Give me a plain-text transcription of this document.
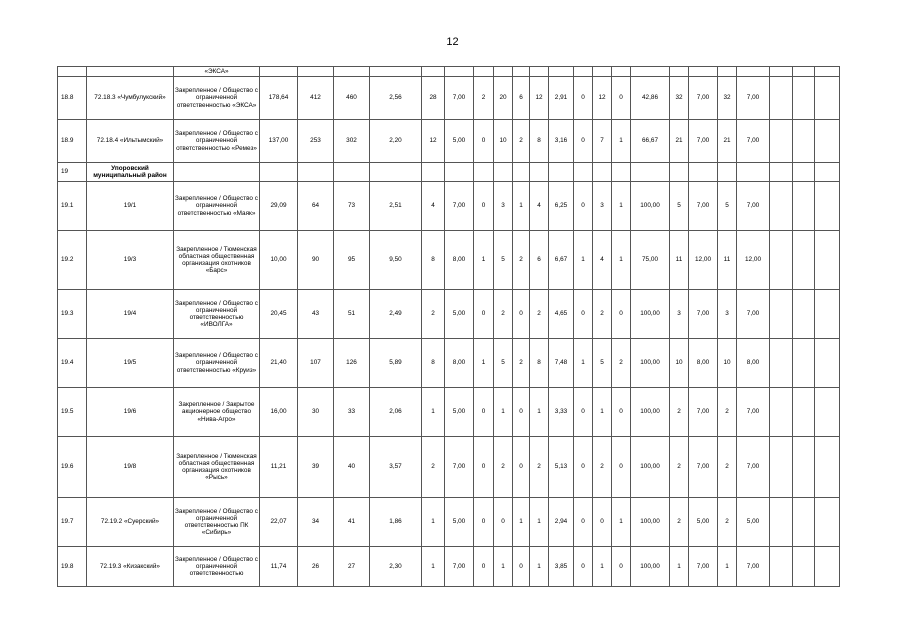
12
		«ЭКСА»																						
18.8	72.18.3 «Чумбулукский»	Закрепленное / Общество с ограниченной ответственностью «ЭКСА»	178,64	412	460	2,56	28	7,00	2	20	6	12	2,91	0	12	0	42,86	32	7,00	32	7,00			
18.9	72.18.4 «Ильтымский»	Закрепленное / Общество с ограниченной ответственностью «Ремез»	137,00	253	302	2,20	12	5,00	0	10	2	8	3,16	0	7	1	66,67	21	7,00	21	7,00			
19	Упоровский муниципальный район																							
19.1	19/1	Закрепленное / Общество с ограниченной ответственностью «Маяк»	29,09	64	73	2,51	4	7,00	0	3	1	4	6,25	0	3	1	100,00	5	7,00	5	7,00			
19.2	19/3	Закрепленное / Тюменская областная общественная организация охотников «Барс»	10,00	90	95	9,50	8	8,00	1	5	2	6	6,67	1	4	1	75,00	11	12,00	11	12,00			
19.3	19/4	Закрепленное / Общество с ограниченной ответственностью «ИВОЛГА»	20,45	43	51	2,49	2	5,00	0	2	0	2	4,65	0	2	0	100,00	3	7,00	3	7,00			
19.4	19/5	Закрепленное / Общество с ограниченной ответственностью «Круиз»	21,40	107	126	5,89	8	8,00	1	5	2	8	7,48	1	5	2	100,00	10	8,00	10	8,00			
19.5	19/6	Закрепленное / Закрытое акционерное общество «Нива-Агро»	16,00	30	33	2,06	1	5,00	0	1	0	1	3,33	0	1	0	100,00	2	7,00	2	7,00			
19.6	19/8	Закрепленное / Тюменская областная общественная организация охотников «Рысь»	11,21	39	40	3,57	2	7,00	0	2	0	2	5,13	0	2	0	100,00	2	7,00	2	7,00			
19.7	72.19.2 «Суерский»	Закрепленное / Общество с ограниченной ответственностью ПК «Сибирь»	22,07	34	41	1,86	1	5,00	0	0	1	1	2,94	0	0	1	100,00	2	5,00	2	5,00			
19.8	72.19.3 «Кизакский»	Закрепленное / Общество с ограниченной ответственностью	11,74	26	27	2,30	1	7,00	0	1	0	1	3,85	0	1	0	100,00	1	7,00	1	7,00			
